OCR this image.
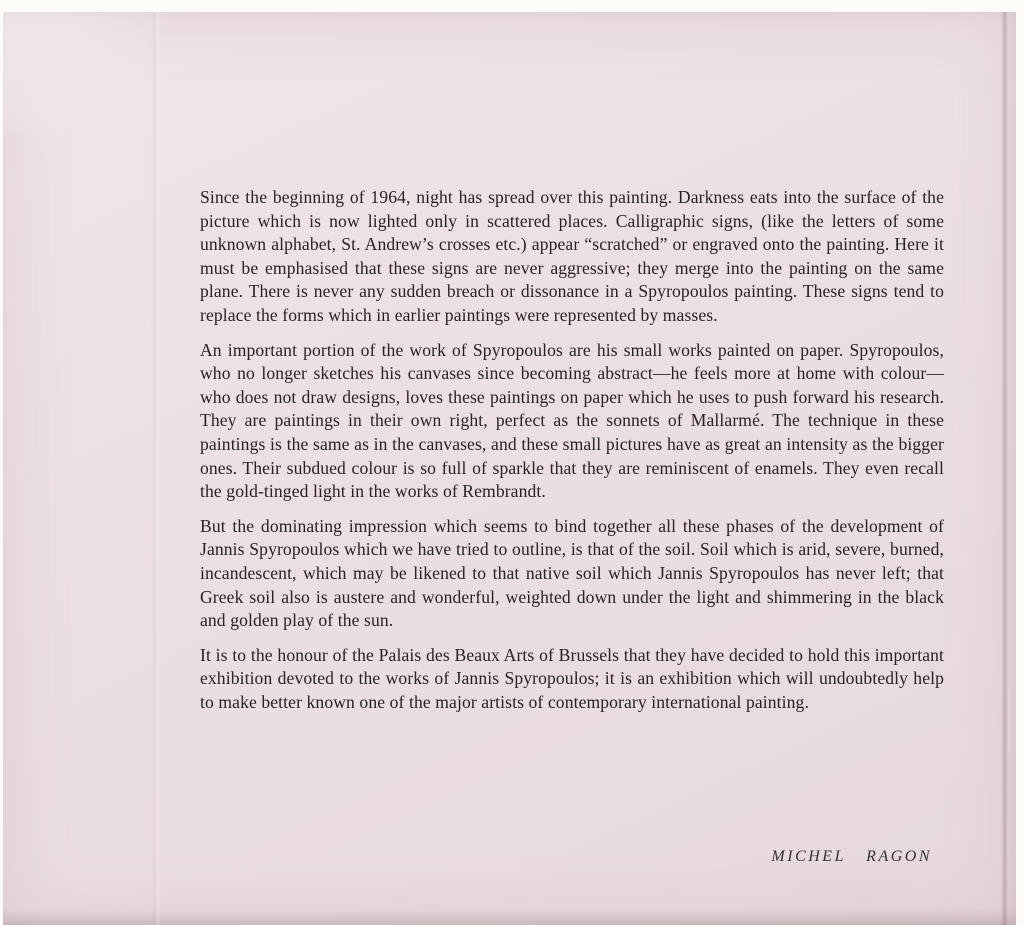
Since the beginning of 1964, night has spread over this painting. Darkness eats into the surface of the picture which is now lighted only in scattered places. Calligraphic signs, (like the letters of some unknown alphabet, St. Andrew’s crosses etc.) appear “scratched” or engraved onto the painting. Here it must be emphasised that these signs are never aggressive; they merge into the painting on the same plane. There is never any sudden breach or dissonance in a Spyropoulos painting. These signs tend to replace the forms which in earlier paintings were represented by masses.

An important portion of the work of Spyropoulos are his small works painted on paper. Spyropoulos, who no longer sketches his canvases since becoming abstract—he feels more at home with colour—who does not draw designs, loves these paintings on paper which he uses to push forward his research. They are paintings in their own right, perfect as the sonnets of Mallarmé. The technique in these paintings is the same as in the canvases, and these small pictures have as great an intensity as the bigger ones. Their subdued colour is so full of sparkle that they are reminiscent of enamels. They even recall the gold-tinged light in the works of Rembrandt.

But the dominating impression which seems to bind together all these phases of the development of Jannis Spyropoulos which we have tried to outline, is that of the soil. Soil which is arid, severe, burned, incandescent, which may be likened to that native soil which Jannis Spyropoulos has never left; that Greek soil also is austere and wonderful, weighted down under the light and shimmering in the black and golden play of the sun.

It is to the honour of the Palais des Beaux Arts of Brussels that they have decided to hold this important exhibition devoted to the works of Jannis Spyropoulos; it is an exhibition which will undoubtedly help to make better known one of the major artists of contemporary international painting.

MICHEL RAGON
